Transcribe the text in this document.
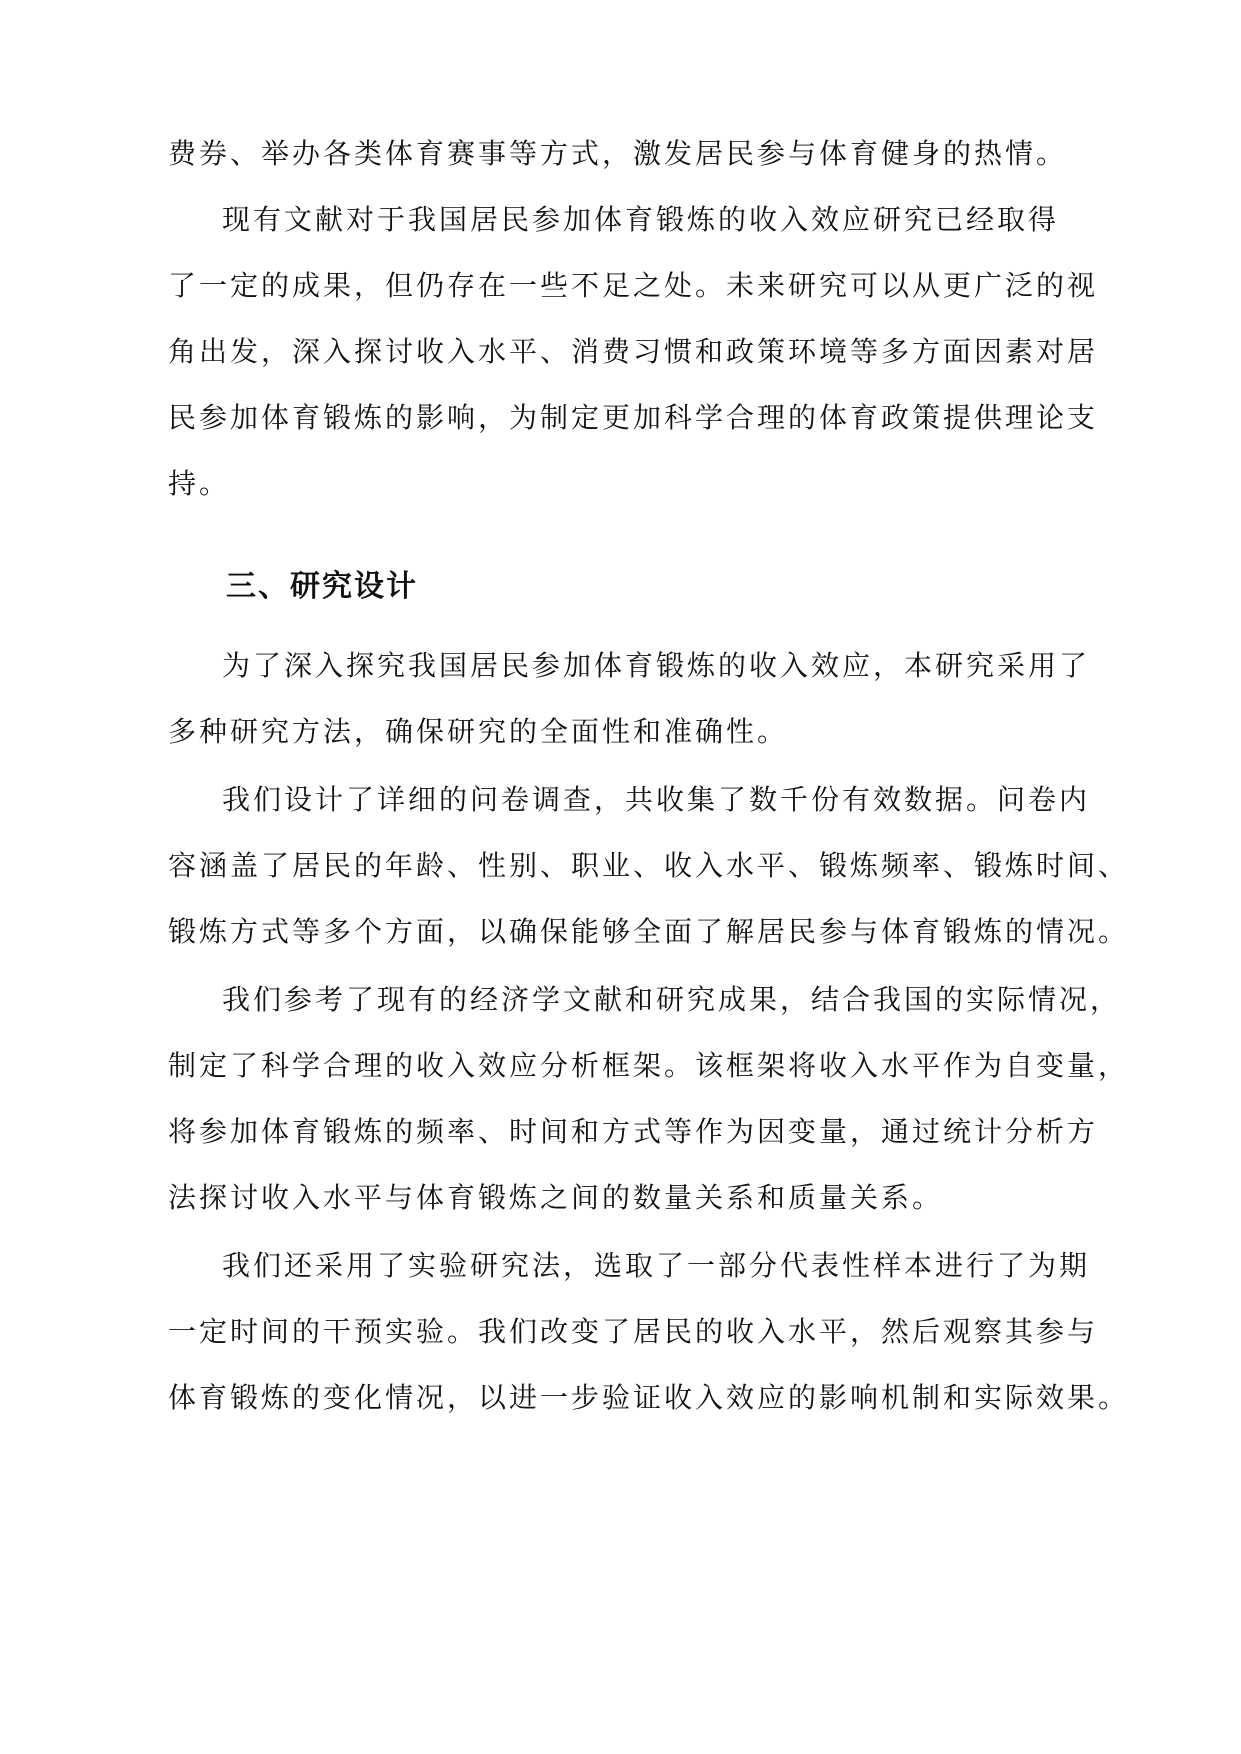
费券、举办各类体育赛事等方式，激发居民参与体育健身的热情。
现有文献对于我国居民参加体育锻炼的收入效应研究已经取得
了一定的成果，但仍存在一些不足之处。未来研究可以从更广泛的视
角出发，深入探讨收入水平、消费习惯和政策环境等多方面因素对居
民参加体育锻炼的影响，为制定更加科学合理的体育政策提供理论支
持。
三、研究设计
为了深入探究我国居民参加体育锻炼的收入效应，本研究采用了
多种研究方法，确保研究的全面性和准确性。
我们设计了详细的问卷调查，共收集了数千份有效数据。问卷内
容涵盖了居民的年龄、性别、职业、收入水平、锻炼频率、锻炼时间、
锻炼方式等多个方面，以确保能够全面了解居民参与体育锻炼的情况。
我们参考了现有的经济学文献和研究成果，结合我国的实际情况，
制定了科学合理的收入效应分析框架。该框架将收入水平作为自变量，
将参加体育锻炼的频率、时间和方式等作为因变量，通过统计分析方
法探讨收入水平与体育锻炼之间的数量关系和质量关系。
我们还采用了实验研究法，选取了一部分代表性样本进行了为期
一定时间的干预实验。我们改变了居民的收入水平，然后观察其参与
体育锻炼的变化情况，以进一步验证收入效应的影响机制和实际效果。
